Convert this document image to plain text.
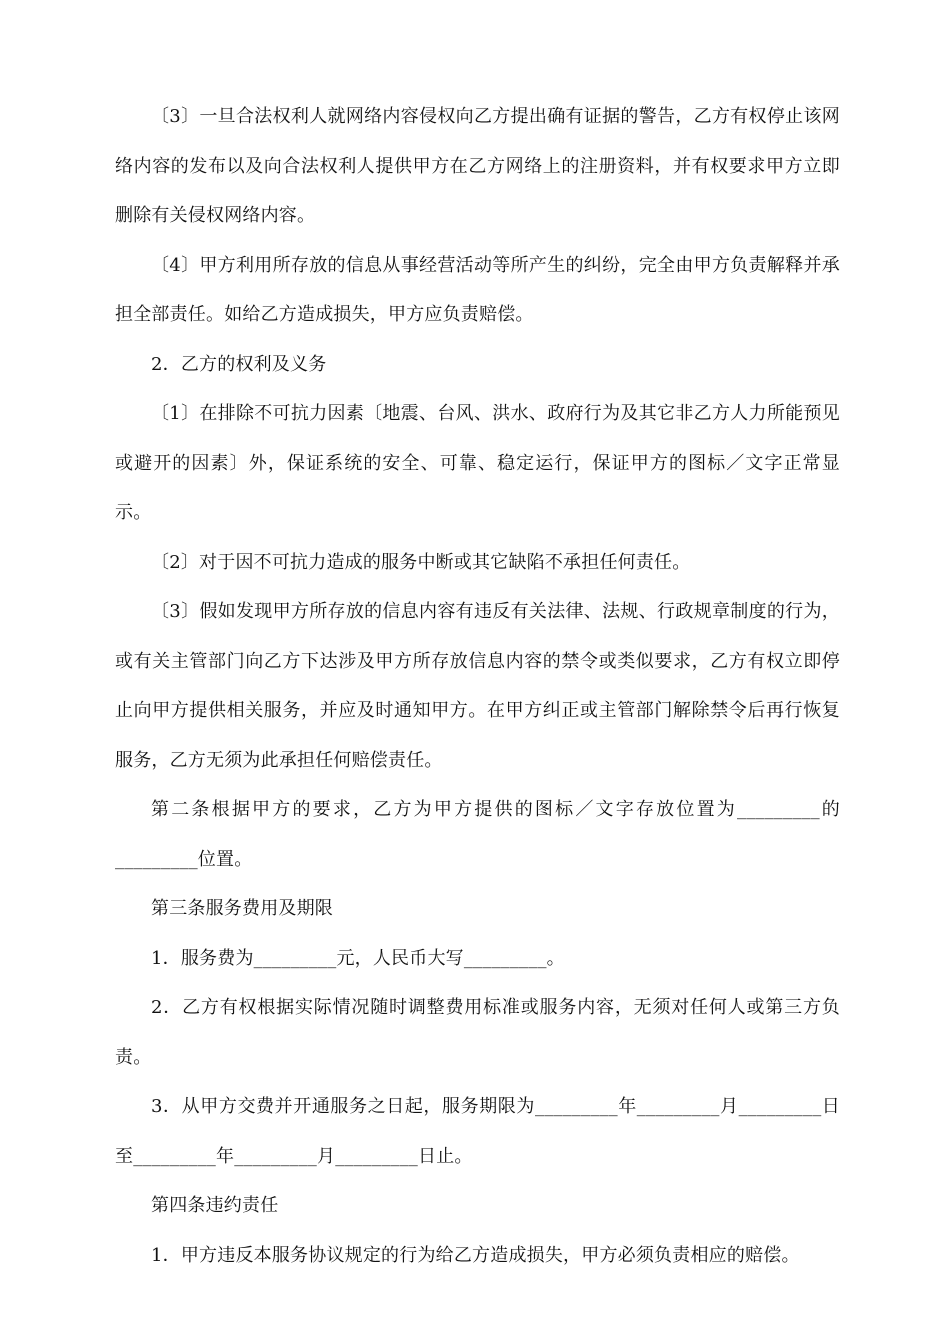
〔3〕一旦合法权利人就网络内容侵权向乙方提出确有证据的警告，乙方有权停止该网络内容的发布以及向合法权利人提供甲方在乙方网络上的注册资料，并有权要求甲方立即删除有关侵权网络内容。

〔4〕甲方利用所存放的信息从事经营活动等所产生的纠纷，完全由甲方负责解释并承担全部责任。如给乙方造成损失，甲方应负责赔偿。

2．乙方的权利及义务

〔1〕在排除不可抗力因素〔地震、台风、洪水、政府行为及其它非乙方人力所能预见或避开的因素〕外，保证系统的安全、可靠、稳定运行，保证甲方的图标／文字正常显示。

〔2〕对于因不可抗力造成的服务中断或其它缺陷不承担任何责任。

〔3〕假如发现甲方所存放的信息内容有违反有关法律、法规、行政规章制度的行为，或有关主管部门向乙方下达涉及甲方所存放信息内容的禁令或类似要求，乙方有权立即停止向甲方提供相关服务，并应及时通知甲方。在甲方纠正或主管部门解除禁令后再行恢复服务，乙方无须为此承担任何赔偿责任。

第二条根据甲方的要求，乙方为甲方提供的图标／文字存放位置为_________的_________位置。

第三条服务费用及期限

1．服务费为_________元，人民币大写_________。

2．乙方有权根据实际情况随时调整费用标准或服务内容，无须对任何人或第三方负责。

3．从甲方交费并开通服务之日起，服务期限为_________年_________月_________日至_________年_________月_________日止。

第四条违约责任

1．甲方违反本服务协议规定的行为给乙方造成损失，甲方必须负责相应的赔偿。
